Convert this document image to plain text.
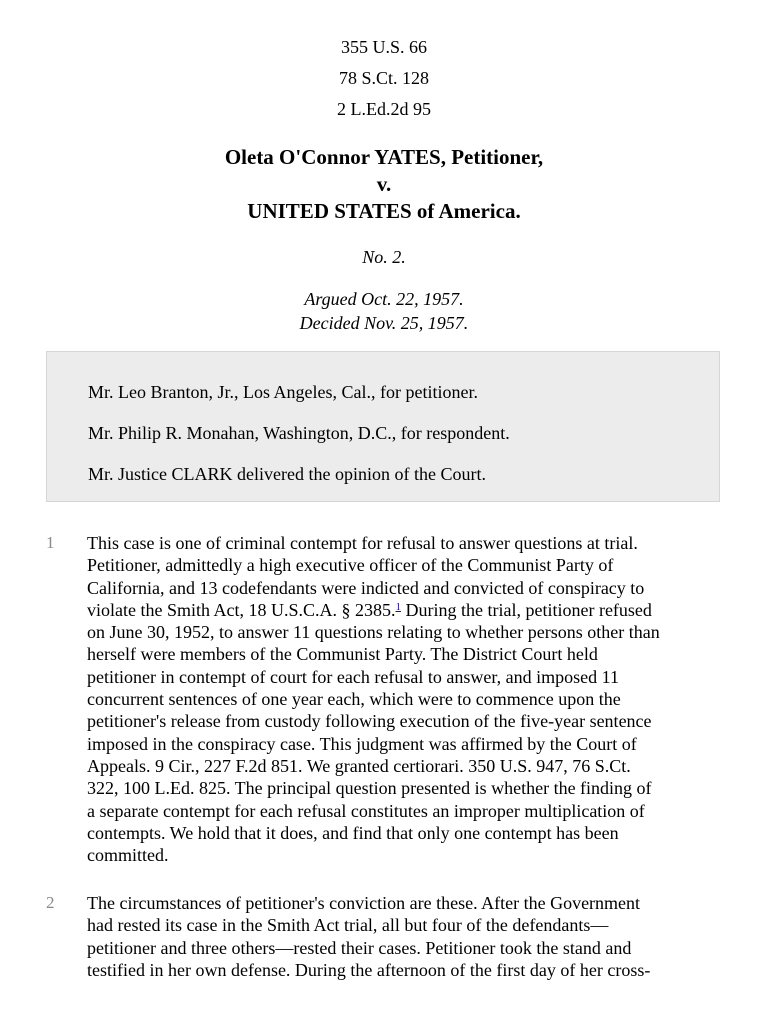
355 U.S. 66
78 S.Ct. 128
2 L.Ed.2d 95
Oleta O'Connor YATES, Petitioner,
v.
UNITED STATES of America.
No. 2.
Argued Oct. 22, 1957.
Decided Nov. 25, 1957.
Mr. Leo Branton, Jr., Los Angeles, Cal., for petitioner.
Mr. Philip R. Monahan, Washington, D.C., for respondent.
Mr. Justice CLARK delivered the opinion of the Court.
1 This case is one of criminal contempt for refusal to answer questions at trial.
Petitioner, admittedly a high executive officer of the Communist Party of
California, and 13 codefendants were indicted and convicted of conspiracy to
violate the Smith Act, 18 U.S.C.A. § 2385.$^1$ During the trial, petitioner refused
on June 30, 1952, to answer 11 questions relating to whether persons other than
herself were members of the Communist Party. The District Court held
petitioner in contempt of court for each refusal to answer, and imposed 11
concurrent sentences of one year each, which were to commence upon the
petitioner's release from custody following execution of the five-year sentence
imposed in the conspiracy case. This judgment was affirmed by the Court of
Appeals. 9 Cir., 227 F.2d 851. We granted certiorari. 350 U.S. 947, 76 S.Ct.
322, 100 L.Ed. 825. The principal question presented is whether the finding of
a separate contempt for each refusal constitutes an improper multiplication of
contempts. We hold that it does, and find that only one contempt has been
committed.
2 The circumstances of petitioner's conviction are these. After the Government
had rested its case in the Smith Act trial, all but four of the defendants—
petitioner and three others—rested their cases. Petitioner took the stand and
testified in her own defense. During the afternoon of the first day of her cross-
